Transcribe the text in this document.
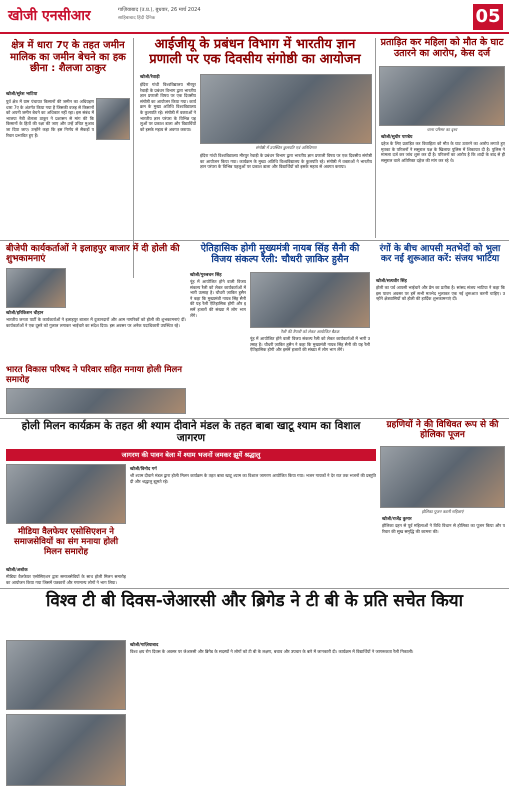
खोजी एनसीआर	गाज़ियाबाद (उ.प्र.), बुधवार, 26 मार्च 2024
साहिबाबाद हिंदी दैनिक	05
क्षेत्र में धारा 7ए के तहत जमीन मालिक का जमीन बेचने का हक छीना : शैलजा ठाकुर
खोजी/सुरेश भाटिया
पुर्व क्षेत्र में ग्राम पंचायत किसानों की जमीन का अधिग्रहण धारा 7ए के अंतर्गत किया गया है जिसकी वजह से किसानों को अपनी जमीन बेचने का अधिकार नहीं रहा। इस संबंध में भाजपा नेत्री शैलजा ठाकुर ने प्रशासन से मांग की कि किसानों के हितों की रक्षा की जाए और उन्हें उचित मुआवजा दिया जाए। उन्होंने कहा कि इस निर्णय से सैकड़ों परिवार प्रभावित हुए हैं।
आईजीयू के प्रबंधन विभाग में भारतीय ज्ञान प्रणाली पर एक दिवसीय संगोष्ठी का आयोजन
खोजी/रेवाड़ी
संगोष्ठी में उपस्थित कुलपति एवं अतिथिगण
इंदिरा गांधी विश्वविद्यालय मीरपुर रेवाड़ी के प्रबंधन विभाग द्वारा भारतीय ज्ञान प्रणाली विषय पर एक दिवसीय संगोष्ठी का आयोजन किया गया। कार्यक्रम के मुख्य अतिथि विश्वविद्यालय के कुलपति रहे। संगोष्ठी में वक्ताओं ने भारतीय ज्ञान परंपरा के विभिन्न पहलुओं पर प्रकाश डाला और विद्यार्थियों को इसके महत्व से अवगत कराया।
इंदिरा गांधी विश्वविद्यालय मीरपुर रेवाड़ी के प्रबंधन विभाग द्वारा भारतीय ज्ञान प्रणाली विषय पर एक दिवसीय संगोष्ठी का आयोजन किया गया। कार्यक्रम के मुख्य अतिथि विश्वविद्यालय के कुलपति रहे। संगोष्ठी में वक्ताओं ने भारतीय ज्ञान परंपरा के विभिन्न पहलुओं पर प्रकाश डाला और विद्यार्थियों को इसके महत्व से अवगत कराया।
प्रताड़ित कर महिला को मौत के घाट उतारने का आरोप, केस दर्ज
थाना परिसर का दृश्य
खोजी/सुधीर पाण्डेय
दहेज के लिए प्रताड़ित कर विवाहिता को मौत के घाट उतारने का आरोप लगाते हुए मृतका के परिजनों ने ससुराल पक्ष के खिलाफ पुलिस में शिकायत दी है। पुलिस ने मामला दर्ज कर जांच शुरू कर दी है। परिजनों का आरोप है कि शादी के बाद से ही ससुराल वाले अतिरिक्त दहेज की मांग कर रहे थे।
बीजेपी कार्यकर्ताओं ने इलाहपुर बाजार में दी होली की शुभकामनाएं
खोजी/हरिकिशन चौहान
भारतीय जनता पार्टी के कार्यकर्ताओं ने इलाहपुर बाजार में दुकानदारों और आम नागरिकों को होली की शुभकामनाएं दीं। कार्यकर्ताओं ने एक दूसरे को गुलाल लगाकर भाईचारे का संदेश दिया। इस अवसर पर अनेक पदाधिकारी उपस्थित रहे।
ऐतिहासिक होगी मुख्यमंत्री नायब सिंह सैनी की विजय संकल्प रैली: चौधरी ज़ाकिर हुसैन
खोजी/गुरुबचन सिंह
रैली की तैयारी को लेकर आयोजित बैठक
नूंह में आयोजित होने वाली विजय संकल्प रैली को लेकर कार्यकर्ताओं में भारी उत्साह है। चौधरी ज़ाकिर हुसैन ने कहा कि मुख्यमंत्री नायब सिंह सैनी की यह रैली ऐतिहासिक होगी और इसमें हजारों की संख्या में लोग भाग लेंगे।
नूंह में आयोजित होने वाली विजय संकल्प रैली को लेकर कार्यकर्ताओं में भारी उत्साह है। चौधरी ज़ाकिर हुसैन ने कहा कि मुख्यमंत्री नायब सिंह सैनी की यह रैली ऐतिहासिक होगी और इसमें हजारों की संख्या में लोग भाग लेंगे।
रंगों के बीच आपसी मतभेदों को भुला कर नई शुरूआत करें: संजय भाटिया
खोजी/सत्यवीर सिंह
होली का पर्व आपसी भाईचारे और प्रेम का प्रतीक है। सांसद संजय भाटिया ने कहा कि इस पावन अवसर पर हमें सभी मतभेद भुलाकर एक नई शुरूआत करनी चाहिए। उन्होंने क्षेत्रवासियों को होली की हार्दिक शुभकामनाएं दीं।
भारत विकास परिषद ने परिवार सहित मनाया होली मिलन समारोह
होली मिलन कार्यक्रम के तहत श्री श्याम दीवाने मंडल के तहत बाबा खाटू श्याम का विशाल जागरण
जागरण की पावन बेला में श्याम भजनों जमकर झूमें श्रद्धालु
खोजी/विनोद गर्ग
श्री श्याम दीवाने मंडल द्वारा होली मिलन कार्यक्रम के तहत बाबा खाटू श्याम का विशाल जागरण आयोजित किया गया। भजन गायकों ने देर रात तक भजनों की प्रस्तुति दी और श्रद्धालु झूमते रहे।
ग्रहणियों ने की विधिवत रूप से की होलिका पूजन
होलिका पूजन करती महिलाएं
खोजी/राजेंद्र कुमार
होलिका दहन से पूर्व महिलाओं ने विधि विधान से होलिका का पूजन किया और परिवार की सुख समृद्धि की कामना की।
मीडिया वैलफेयर एसोसिएशन ने समाजसेवियों का संग मनाया होली मिलन समारोह
खोजी/अशोक
मीडिया वैलफेयर एसोसिएशन द्वारा समाजसेवियों के साथ होली मिलन समारोह का आयोजन किया गया जिसमें पत्रकारों और गणमान्य लोगों ने भाग लिया।
विश्व टी बी दिवस-जेआरसी और ब्रिगेड ने टी बी के प्रति सचेत किया
खोजी/गाज़ियाबाद
विश्व क्षय रोग दिवस के अवसर पर जेआरसी और ब्रिगेड के सदस्यों ने लोगों को टी बी के लक्षण, बचाव और उपचार के बारे में जानकारी दी। कार्यक्रम में विद्यार्थियों ने जागरूकता रैली निकाली।
